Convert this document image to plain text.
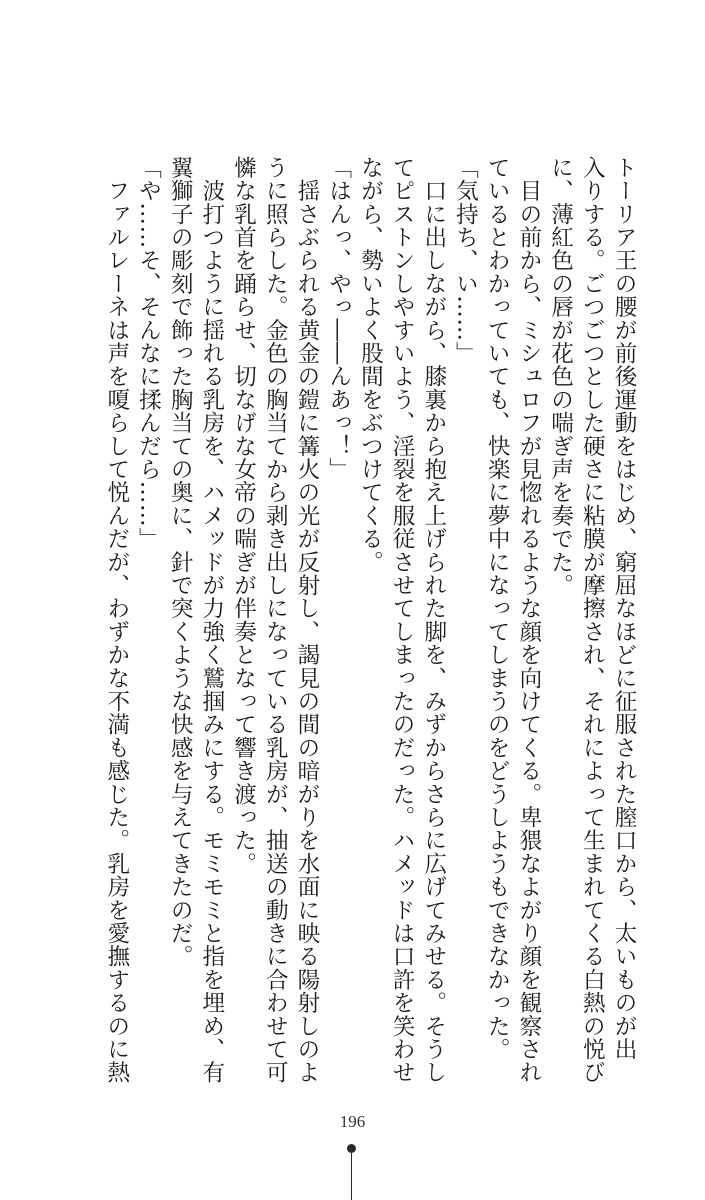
トーリア王の腰が前後運動をはじめ、窮屈なほどに征服された膣口から、太いものが出
入りする。ごつごつとした硬さに粘膜が摩擦され、それによって生まれてくる白熱の悦び
に、薄紅色の唇が花色の喘ぎ声を奏でた。
　目の前から、ミシュロフが見惚れるような顔を向けてくる。卑猥なよがり顔を観察され
ているとわかっていても、快楽に夢中になってしまうのをどうしようもできなかった。
「気持ち、い……」
　口に出しながら、膝裏から抱え上げられた脚を、みずからさらに広げてみせる。そうし
てピストンしやすいよう、淫裂を服従させてしまったのだった。ハメッドは口許を笑わせ
ながら、勢いよく股間をぶつけてくる。
「はんっ、やっ――んあっ！」
　揺さぶられる黄金の鎧に篝火の光が反射し、謁見の間の暗がりを水面に映る陽射しのよ
うに照らした。金色の胸当てから剥き出しになっている乳房が、抽送の動きに合わせて可
憐な乳首を踊らせ、切なげな女帝の喘ぎが伴奏となって響き渡った。
　波打つように揺れる乳房を、ハメッドが力強く鷲掴みにする。モミモミと指を埋め、有
翼獅子の彫刻で飾った胸当ての奥に、針で突くような快感を与えてきたのだ。
「や……そ、そんなに揉んだら……」
　ファルレーネは声を嗄らして悦んだが、わずかな不満も感じた。乳房を愛撫するのに熱
196
